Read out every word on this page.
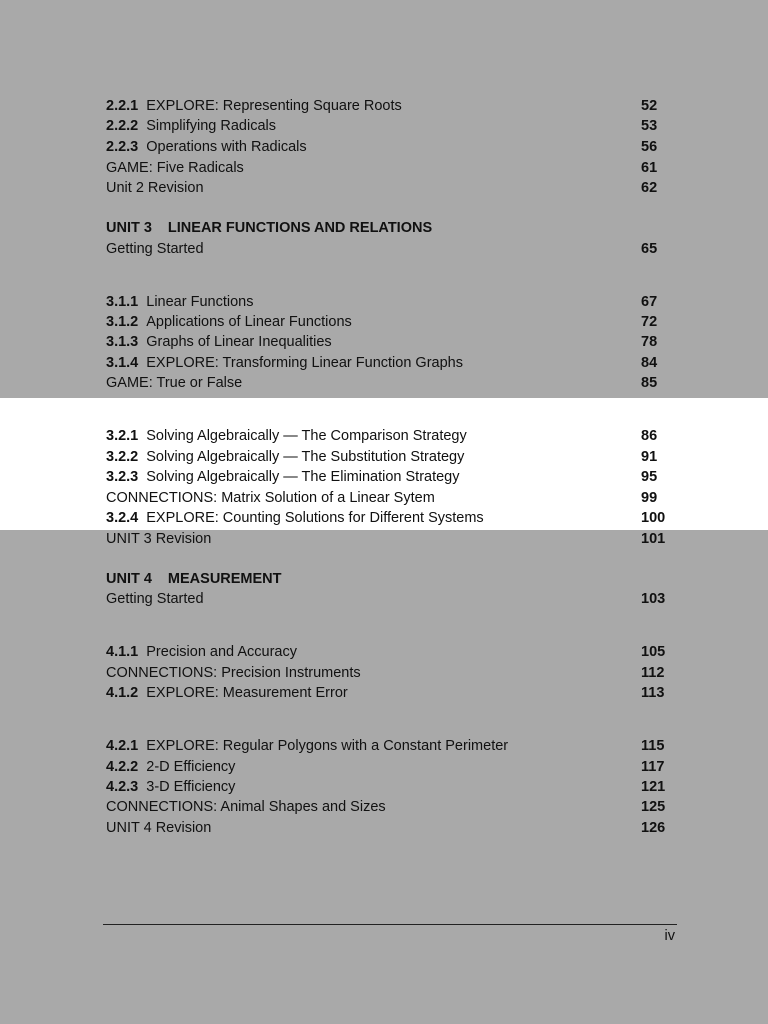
2.2.1 EXPLORE: Representing Square Roots	52
2.2.2 Simplifying Radicals	53
2.2.3 Operations with Radicals	56
GAME: Five Radicals	61
Unit 2 Revision	62
UNIT 3 LINEAR FUNCTIONS AND RELATIONS
Getting Started	65
3.1.1 Linear Functions	67
3.1.2 Applications of Linear Functions	72
3.1.3 Graphs of Linear Inequalities	78
3.1.4 EXPLORE: Transforming Linear Function Graphs	84
GAME: True or False	85
3.2.1 Solving Algebraically — The Comparison Strategy	86
3.2.2 Solving Algebraically — The Substitution Strategy	91
3.2.3 Solving Algebraically — The Elimination Strategy	95
CONNECTIONS: Matrix Solution of a Linear Sytem	99
3.2.4 EXPLORE: Counting Solutions for Different Systems	100
UNIT 3 Revision	101
UNIT 4 MEASUREMENT
Getting Started	103
4.1.1 Precision and Accuracy	105
CONNECTIONS: Precision Instruments	112
4.1.2 EXPLORE: Measurement Error	113
4.2.1 EXPLORE: Regular Polygons with a Constant Perimeter	115
4.2.2 2-D Efficiency	117
4.2.3 3-D Efficiency	121
CONNECTIONS: Animal Shapes and Sizes	125
UNIT 4 Revision	126
iv
